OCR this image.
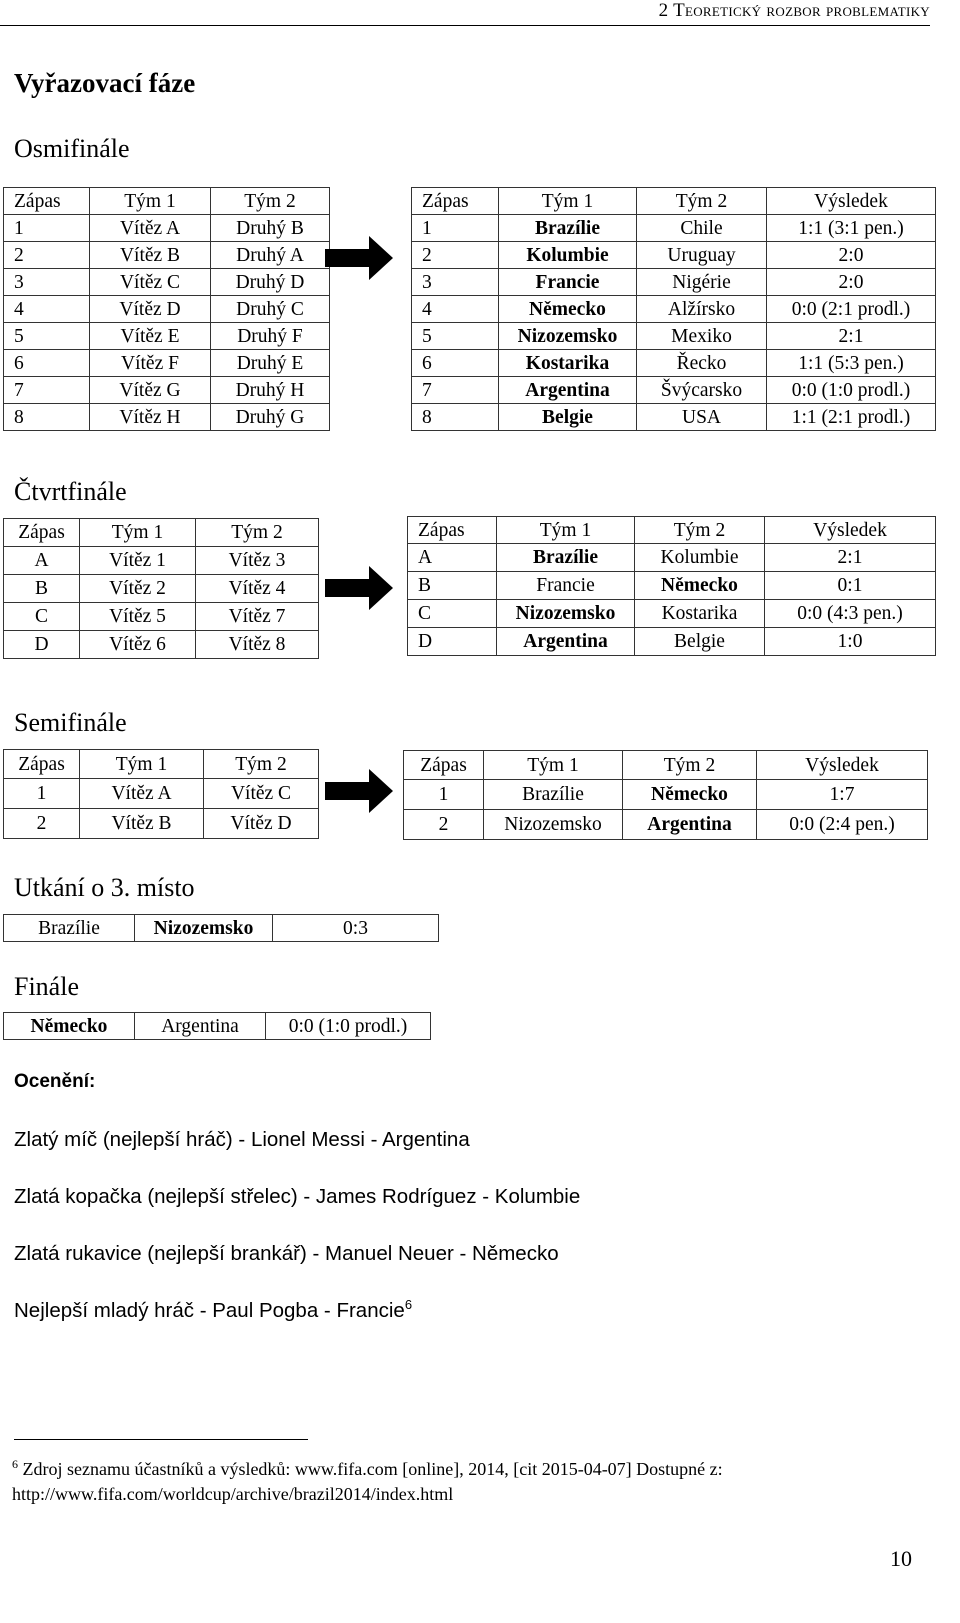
2 Teoretický rozbor problematiky
Vyřazovací fáze
Osmifinále
Zápas	Tým 1	Tým 2
1	Vítěz A	Druhý B
2	Vítěz B	Druhý A
3	Vítěz C	Druhý D
4	Vítěz D	Druhý C
5	Vítěz E	Druhý F
6	Vítěz F	Druhý E
7	Vítěz G	Druhý H
8	Vítěz H	Druhý G
Zápas	Tým 1	Tým 2	Výsledek
1	Brazílie	Chile	1:1 (3:1 pen.)
2	Kolumbie	Uruguay	2:0
3	Francie	Nigérie	2:0
4	Německo	Alžírsko	0:0 (2:1 prodl.)
5	Nizozemsko	Mexiko	2:1
6	Kostarika	Řecko	1:1 (5:3 pen.)
7	Argentina	Švýcarsko	0:0 (1:0 prodl.)
8	Belgie	USA	1:1 (2:1 prodl.)
Čtvrtfinále
Zápas	Tým 1	Tým 2
A	Vítěz 1	Vítěz 3
B	Vítěz 2	Vítěz 4
C	Vítěz 5	Vítěz 7
D	Vítěz 6	Vítěz 8
Zápas	Tým 1	Tým 2	Výsledek
A	Brazílie	Kolumbie	2:1
B	Francie	Německo	0:1
C	Nizozemsko	Kostarika	0:0 (4:3 pen.)
D	Argentina	Belgie	1:0
Semifinále
Zápas	Tým 1	Tým 2
1	Vítěz A	Vítěz C
2	Vítěz B	Vítěz D
Zápas	Tým 1	Tým 2	Výsledek
1	Brazílie	Německo	1:7
2	Nizozemsko	Argentina	0:0 (2:4 pen.)
Utkání o 3. místo
Brazílie	Nizozemsko	0:3
Finále
Německo	Argentina	0:0 (1:0 prodl.)
Ocenění:
Zlatý míč (nejlepší hráč) - Lionel Messi - Argentina
Zlatá kopačka (nejlepší střelec) - James Rodríguez - Kolumbie
Zlatá rukavice (nejlepší brankář) - Manuel Neuer - Německo
Nejlepší mladý hráč - Paul Pogba - Francie$^6$
$^6$ Zdroj seznamu účastníků a výsledků: www.fifa.com [online], 2014, [cit 2015-04-07] Dostupné z:
http://www.fifa.com/worldcup/archive/brazil2014/index.html
10
